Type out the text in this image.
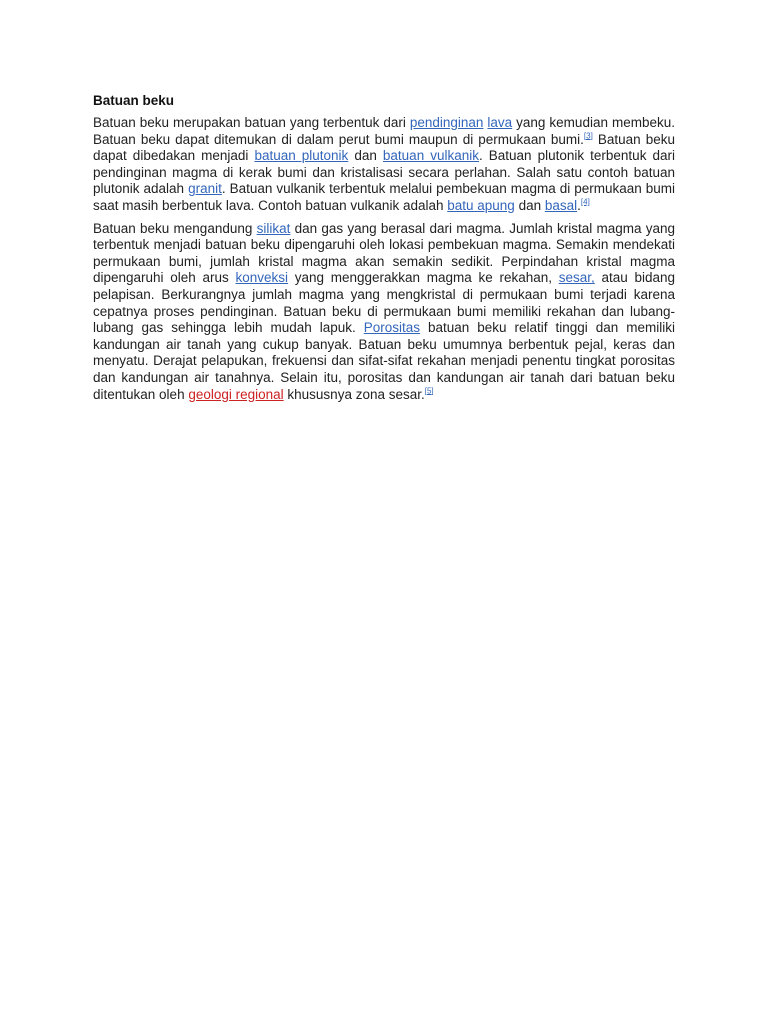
Batuan beku

Batuan beku merupakan batuan yang terbentuk dari pendinginan lava yang kemudian membeku. Batuan beku dapat ditemukan di dalam perut bumi maupun di permukaan bumi.[3] Batuan beku dapat dibedakan menjadi batuan plutonik dan batuan vulkanik. Batuan plutonik terbentuk dari pendinginan magma di kerak bumi dan kristalisasi secara perlahan. Salah satu contoh batuan plutonik adalah granit. Batuan vulkanik terbentuk melalui pembekuan magma di permukaan bumi saat masih berbentuk lava. Contoh batuan vulkanik adalah batu apung dan basal.[4]

Batuan beku mengandung silikat dan gas yang berasal dari magma. Jumlah kristal magma yang terbentuk menjadi batuan beku dipengaruhi oleh lokasi pembekuan magma. Semakin mendekati permukaan bumi, jumlah kristal magma akan semakin sedikit. Perpindahan kristal magma dipengaruhi oleh arus konveksi yang menggerakkan magma ke rekahan, sesar, atau bidang pelapisan. Berkurangnya jumlah magma yang mengkristal di permukaan bumi terjadi karena cepatnya proses pendinginan. Batuan beku di permukaan bumi memiliki rekahan dan lubang-lubang gas sehingga lebih mudah lapuk. Porositas batuan beku relatif tinggi dan memiliki kandungan air tanah yang cukup banyak. Batuan beku umumnya berbentuk pejal, keras dan menyatu. Derajat pelapukan, frekuensi dan sifat-sifat rekahan menjadi penentu tingkat porositas dan kandungan air tanahnya. Selain itu, porositas dan kandungan air tanah dari batuan beku ditentukan oleh geologi regional khususnya zona sesar.[5]
